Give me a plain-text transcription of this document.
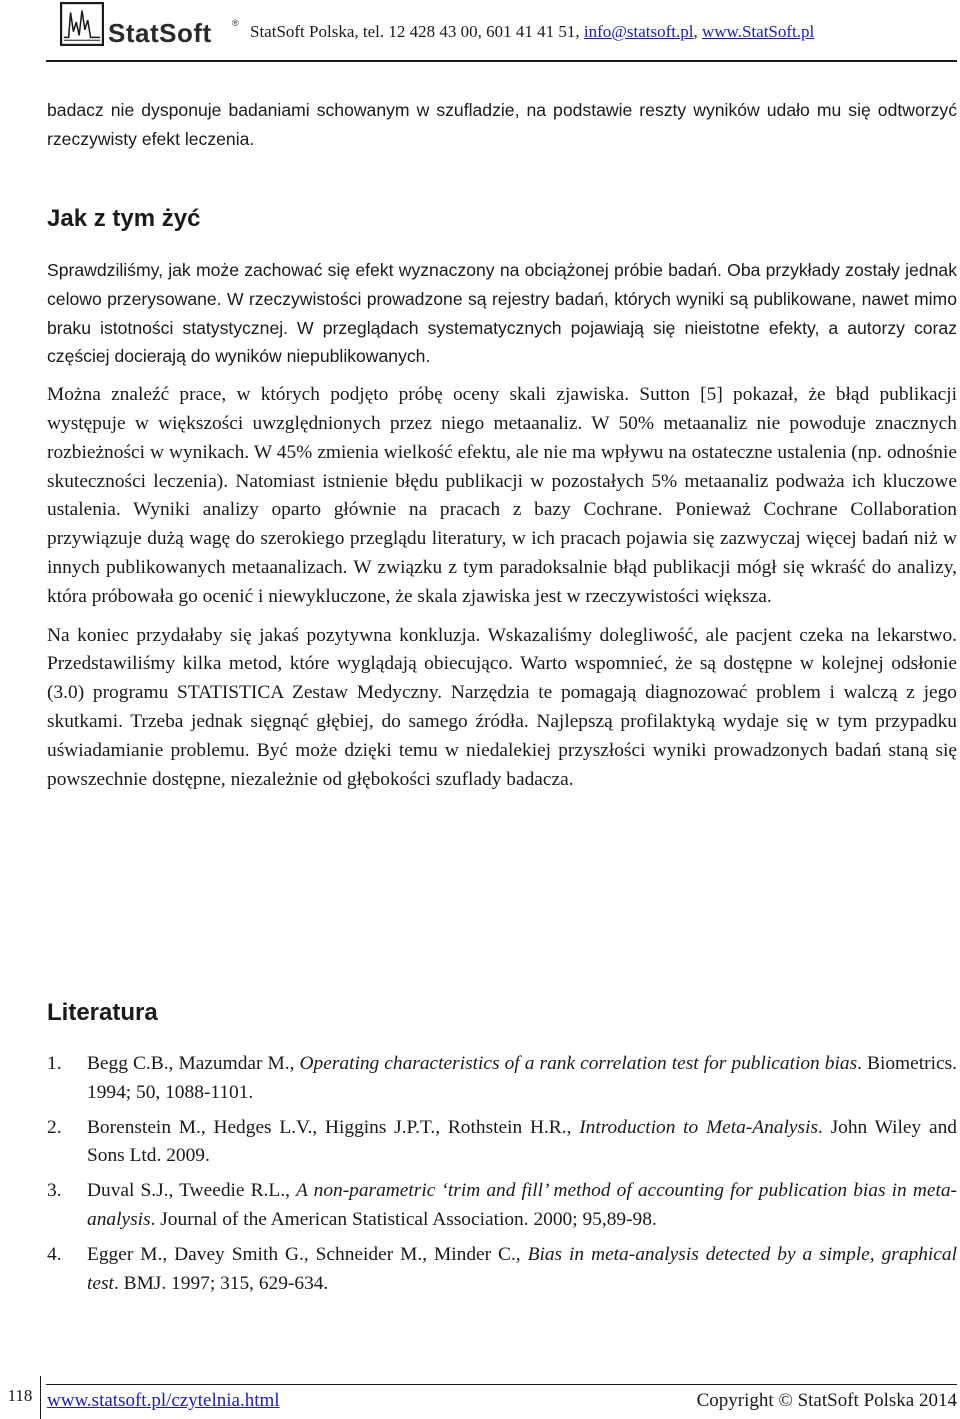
StatSoft ® StatSoft Polska, tel. 12 428 43 00, 601 41 41 51, info@statsoft.pl, www.StatSoft.pl

badacz nie dysponuje badaniami schowanym w szufladzie, na podstawie reszty wyników udało mu się odtworzyć rzeczywisty efekt leczenia.

Jak z tym żyć

Sprawdziliśmy, jak może zachować się efekt wyznaczony na obciążonej próbie badań. Oba przykłady zostały jednak celowo przerysowane. W rzeczywistości prowadzone są rejestry badań, których wyniki są publikowane, nawet mimo braku istotności statystycznej. W przeglądach systematycznych pojawiają się nieistotne efekty, a autorzy coraz częściej docierają do wyników niepublikowanych.

Można znaleźć prace, w których podjęto próbę oceny skali zjawiska. Sutton [5] pokazał, że błąd publikacji występuje w większości uwzględnionych przez niego metaanaliz. W 50% metaanaliz nie powoduje znacznych rozbieżności w wynikach. W 45% zmienia wielkość efektu, ale nie ma wpływu na ostateczne ustalenia (np. odnośnie skuteczności leczenia). Natomiast istnienie błędu publikacji w pozostałych 5% metaanaliz podważa ich kluczowe ustalenia. Wyniki analizy oparto głównie na pracach z bazy Cochrane. Ponieważ Cochrane Collaboration przywiązuje dużą wagę do szerokiego przeglądu literatury, w ich pracach pojawia się zazwyczaj więcej badań niż w innych publikowanych metaanalizach. W związku z tym paradoksalnie błąd publikacji mógł się wkraść do analizy, która próbowała go ocenić i niewykluczone, że skala zjawiska jest w rzeczywistości większa.

Na koniec przydałaby się jakaś pozytywna konkluzja. Wskazaliśmy dolegliwość, ale pacjent czeka na lekarstwo. Przedstawiliśmy kilka metod, które wyglądają obiecująco. Warto wspomnieć, że są dostępne w kolejnej odsłonie (3.0) programu STATISTICA Zestaw Medyczny. Narzędzia te pomagają diagnozować problem i walczą z jego skutkami. Trzeba jednak sięgnąć głębiej, do samego źródła. Najlepszą profilaktyką wydaje się w tym przypadku uświadamianie problemu. Być może dzięki temu w niedalekiej przyszłości wyniki prowadzonych badań staną się powszechnie dostępne, niezależnie od głębokości szuflady badacza.

Literatura
1.	Begg C.B., Mazumdar M., Operating characteristics of a rank correlation test for publication bias. Biometrics. 1994; 50, 1088-1101.
2.	Borenstein M., Hedges L.V., Higgins J.P.T., Rothstein H.R., Introduction to Meta-Analysis. John Wiley and Sons Ltd. 2009.
3.	Duval S.J., Tweedie R.L., A non-parametric ‘trim and fill’ method of accounting for publication bias in meta-analysis. Journal of the American Statistical Association. 2000; 95,89-98.
4.	Egger M., Davey Smith G., Schneider M., Minder C., Bias in meta-analysis detected by a simple, graphical test. BMJ. 1997; 315, 629-634.
118 www.statsoft.pl/czytelnia.html	Copyright © StatSoft Polska 2014
